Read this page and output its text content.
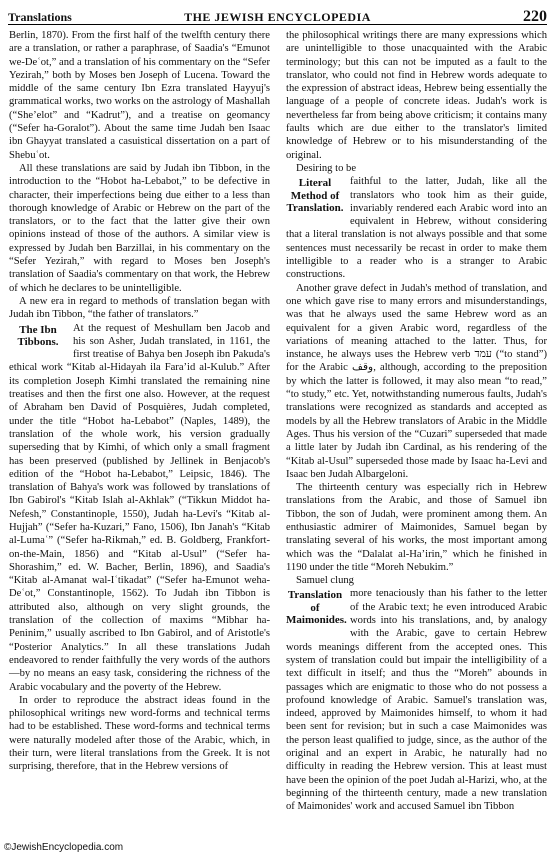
Translations	THE JEWISH ENCYCLOPEDIA	220

Berlin, 1870). From the first half of the twelfth century there are a translation, or rather a paraphrase, of Saadia's “Emunot we-Deʿot,” and a translation of his commentary on the “Sefer Yezirah,” both by Moses ben Joseph of Lucena. Toward the middle of the same century Ibn Ezra translated Hayyuj's grammatical works, two works on the astrology of Mashallah (“Sheʼelot” and “Kadrut”), and a treatise on geomancy (“Sefer ha-Goralot”). About the same time Judah ben Isaac ibn Ghayyat translated a casuistical dissertation on a part of Shebuʿot.

All these translations are said by Judah ibn Tibbon, in the introduction to the “Hobot ha-Lebabot,” to be defective in character, their imperfections being due either to a less than thorough knowledge of Arabic or Hebrew on the part of the translators, or to the fact that the latter give their own opinions instead of those of the authors. A similar view is expressed by Judah ben Barzillai, in his commentary on the “Sefer Yezirah,” with regard to Moses ben Joseph's translation of Saadia's commentary on that work, the Hebrew of which he declares to be unintelligible.

A new era in regard to methods of translation began with Judah ibn Tibbon, “the father of translators.”

The Ibn Tibbons.

At the request of Meshullam ben Jacob and his son Asher, Judah translated, in 1161, the first treatise of Bahya ben Joseph ibn Pakuda's ethical work “Kitab al-Hidayah ila Faraʼid al-Kulub.” After its completion Joseph Kimhi translated the remaining nine treatises and then the first one also. However, at the request of Abraham ben David of Posquières, Judah completed, under the title “Hobot ha-Lebabot” (Naples, 1489), the translation of the whole work, his version gradually superseding that by Kimhi, of which only a small fragment has been preserved (published by Jellinek in Benjacob's edition of the “Hobot ha-Lebabot,” Leipsic, 1846). The translation of Bahya's work was followed by translations of Ibn Gabirol's “Kitab Islah al-Akhlak” (“Tikkun Middot ha-Nefesh,” Constantinople, 1550), Judah ha-Levi's “Kitab al-Hujjah” (“Sefer ha-Kuzari,” Fano, 1506), Ibn Janah's “Kitab al-Lumaʿ” (“Sefer ha-Rikmah,” ed. B. Goldberg, Frankfort-on-the-Main, 1856) and “Kitab al-Usul” (“Sefer ha-Shorashim,” ed. W. Bacher, Berlin, 1896), and Saadia's “Kitab al-Amanat wal-Iʿtikadat” (“Sefer ha-Emunot weha-Deʿot,” Constantinople, 1562). To Judah ibn Tibbon is attributed also, although on very slight grounds, the translation of the collection of maxims “Mibhar ha-Peninim,” usually ascribed to Ibn Gabirol, and of Aristotle's “Posterior Analytics.” In all these translations Judah endeavored to render faithfully the very words of the authors—by no means an easy task, considering the richness of the Arabic vocabulary and the poverty of the Hebrew.

In order to reproduce the abstract ideas found in the philosophical writings new word-forms and technical terms had to be established. These word-forms and technical terms were naturally modeled after those of the Arabic, which, in their turn, were literal translations from the Greek. It is not surprising, therefore, that in the Hebrew versions of

the philosophical writings there are many expressions which are unintelligible to those unacquainted with the Arabic terminology; but this can not be imputed as a fault to the translator, who could not find in Hebrew words adequate to the expression of abstract ideas, Hebrew being essentially the language of a people of concrete ideas. Judah's work is nevertheless far from being above criticism; it contains many faults which are due either to the translator's limited knowledge of Hebrew or to his misunderstanding of the original.

Desiring to be

Literal Method of Translation.

faithful to the latter, Judah, like all the translators who took him as their guide, invariably rendered each Arabic word into an equivalent in Hebrew, without considering that a literal translation is not always possible and that some sentences must necessarily be recast in order to make them intelligible to a reader who is a stranger to Arabic constructions.

Another grave defect in Judah's method of translation, and one which gave rise to many errors and misunderstandings, was that he always used the same Hebrew word as an equivalent for a given Arabic word, regardless of the variations of meaning attached to the latter. Thus, for instance, he always uses the Hebrew verb עמד (“to stand”) for the Arabic وقف, although, according to the preposition by which the latter is followed, it may also mean “to read,” “to study,” etc. Yet, notwithstanding numerous faults, Judah's translations were recognized as standards and accepted as models by all the Hebrew translators of Arabic in the Middle Ages. Thus his version of the “Cuzari” superseded that made a little later by Judah ibn Cardinal, as his rendering of the “Kitab al-Usul” superseded those made by Isaac ha-Levi and Isaac ben Judah Albargeloni.

The thirteenth century was especially rich in Hebrew translations from the Arabic, and those of Samuel ibn Tibbon, the son of Judah, were prominent among them. An enthusiastic admirer of Maimonides, Samuel began by translating several of his works, the most important among which was the “Dalalat al-Haʼirin,” which he finished in 1190 under the title “Moreh Nebukim.”

Samuel clung

Translation of Maimonides.

more tenaciously than his father to the letter of the Arabic text; he even introduced Arabic words into his translations, and, by analogy with the Arabic, gave to certain Hebrew words meanings different from the accepted ones. This system of translation could but impair the intelligibility of a text difficult in itself; and thus the “Moreh” abounds in passages which are enigmatic to those who do not possess a profound knowledge of Arabic. Samuel's translation was, indeed, approved by Maimonides himself, to whom it had been sent for revision; but in such a case Maimonides was the person least qualified to judge, since, as the author of the original and an expert in Arabic, he naturally had no difficulty in reading the Hebrew version. This at least must have been the opinion of the poet Judah al-Harizi, who, at the beginning of the thirteenth century, made a new translation of Maimonides' work and accused Samuel ibn Tibbon

©JewishEncyclopedia.com
